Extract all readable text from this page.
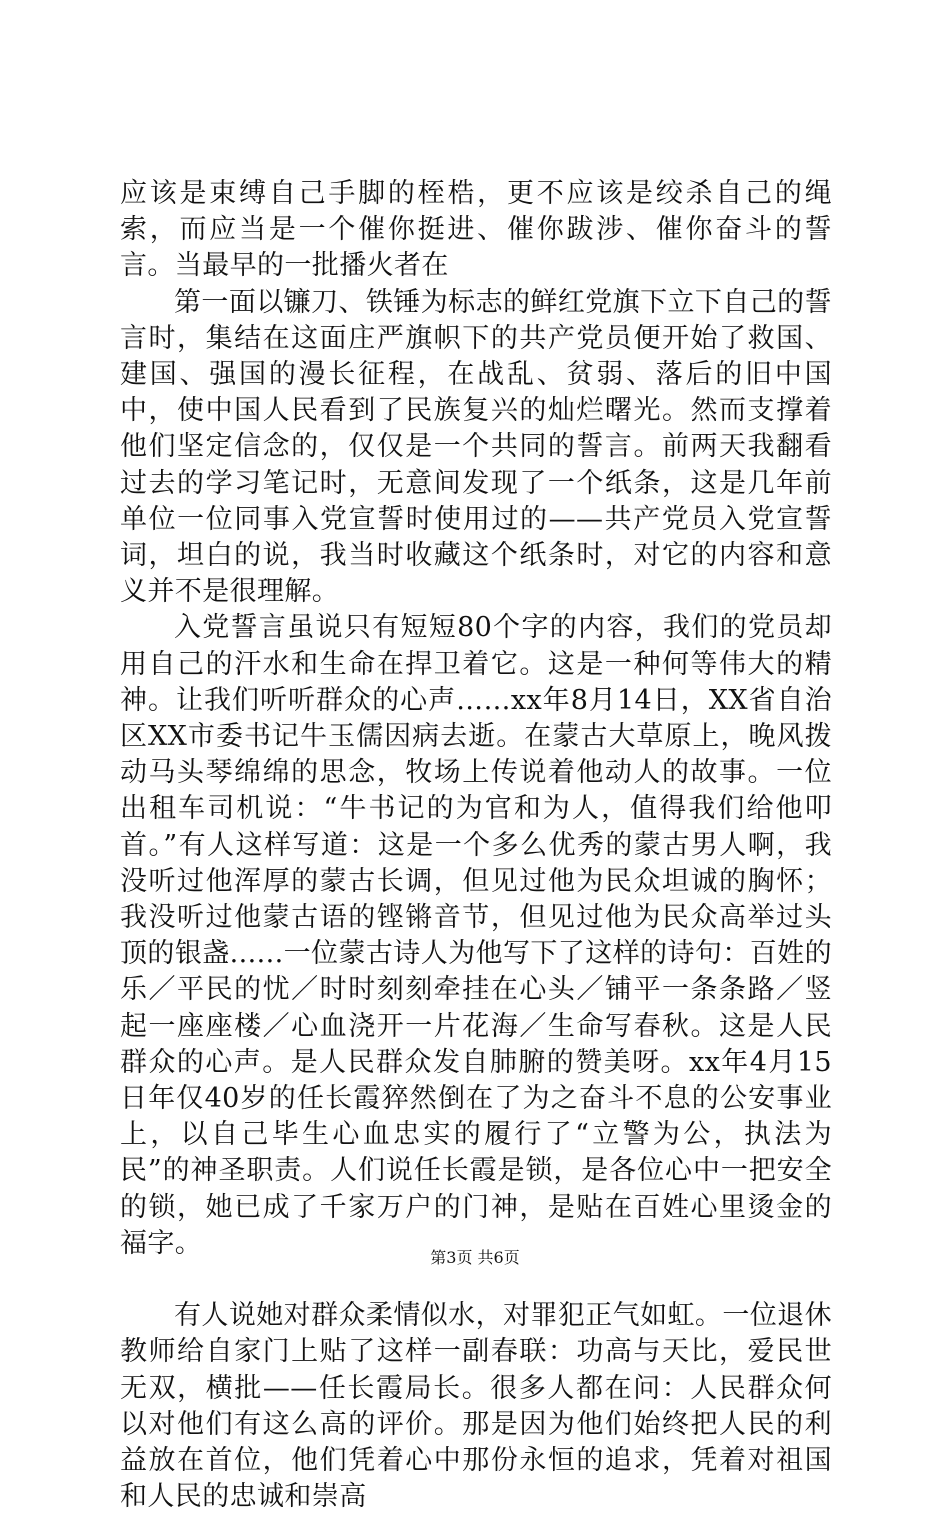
应该是束缚自己手脚的桎梏，更不应该是绞杀自己的绳索，而应当是一个催你挺进、催你跋涉、催你奋斗的誓言。当最早的一批播火者在

第一面以镰刀、铁锤为标志的鲜红党旗下立下自己的誓言时，集结在这面庄严旗帜下的共产党员便开始了救国、建国、强国的漫长征程，在战乱、贫弱、落后的旧中国中，使中国人民看到了民族复兴的灿烂曙光。然而支撑着他们坚定信念的，仅仅是一个共同的誓言。前两天我翻看过去的学习笔记时，无意间发现了一个纸条，这是几年前单位一位同事入党宣誓时使用过的——共产党员入党宣誓词，坦白的说，我当时收藏这个纸条时，对它的内容和意义并不是很理解。

入党誓言虽说只有短短80个字的内容，我们的党员却用自己的汗水和生命在捍卫着它。这是一种何等伟大的精神。让我们听听群众的心声……xx年8月14日，XX省自治区XX市委书记牛玉儒因病去逝。在蒙古大草原上，晚风拨动马头琴绵绵的思念，牧场上传说着他动人的故事。一位出租车司机说：“牛书记的为官和为人，值得我们给他叩首。”有人这样写道：这是一个多么优秀的蒙古男人啊，我没听过他浑厚的蒙古长调，但见过他为民众坦诚的胸怀；我没听过他蒙古语的铿锵音节，但见过他为民众高举过头顶的银盏......一位蒙古诗人为他写下了这样的诗句：百姓的乐／平民的忧／时时刻刻牵挂在心头／铺平一条条路／竖起一座座楼／心血浇开一片花海／生命写春秋。这是人民群众的心声。是人民群众发自肺腑的赞美呀。xx年4月15日年仅40岁的任长霞猝然倒在了为之奋斗不息的公安事业上，以自己毕生心血忠实的履行了“立警为公，执法为民”的神圣职责。人们说任长霞是锁，是各位心中一把安全的锁，她已成了千家万户的门神，是贴在百姓心里烫金的福字。

有人说她对群众柔情似水，对罪犯正气如虹。一位退休教师给自家门上贴了这样一副春联：功高与天比，爱民世无双，横批——任长霞局长。很多人都在问：人民群众何以对他们有这么高的评价。那是因为他们始终把人民的利益放在首位，他们凭着心中那份永恒的追求，凭着对祖国和人民的忠诚和崇高

第3页 共6页
